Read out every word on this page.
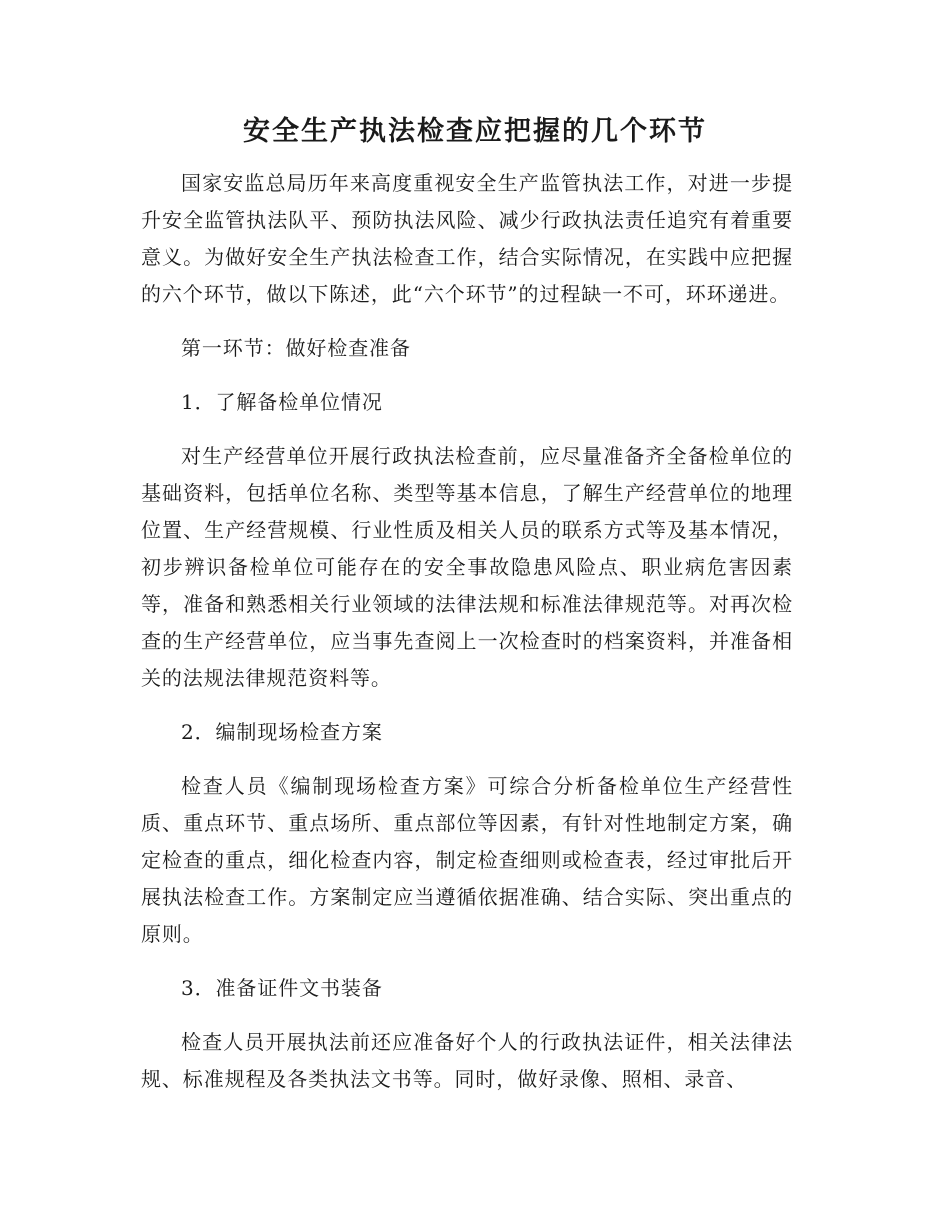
安全生产执法检查应把握的几个环节

国家安监总局历年来高度重视安全生产监管执法工作，对进一步提升安全监管执法队平、预防执法风险、减少行政执法责任追究有着重要意义。为做好安全生产执法检查工作，结合实际情况，在实践中应把握的六个环节，做以下陈述，此“六个环节”的过程缺一不可，环环递进。

第一环节：做好检查准备

1．了解备检单位情况

对生产经营单位开展行政执法检查前，应尽量准备齐全备检单位的基础资料，包括单位名称、类型等基本信息，了解生产经营单位的地理位置、生产经营规模、行业性质及相关人员的联系方式等及基本情况，初步辨识备检单位可能存在的安全事故隐患风险点、职业病危害因素等，准备和熟悉相关行业领域的法律法规和标准法律规范等。对再次检查的生产经营单位，应当事先查阅上一次检查时的档案资料，并准备相关的法规法律规范资料等。

2．编制现场检查方案

检查人员《编制现场检查方案》可综合分析备检单位生产经营性质、重点环节、重点场所、重点部位等因素，有针对性地制定方案，确定检查的重点，细化检查内容，制定检查细则或检查表，经过审批后开展执法检查工作。方案制定应当遵循依据准确、结合实际、突出重点的原则。

3．准备证件文书装备

检查人员开展执法前还应准备好个人的行政执法证件，相关法律法规、标准规程及各类执法文书等。同时，做好录像、照相、录音、
